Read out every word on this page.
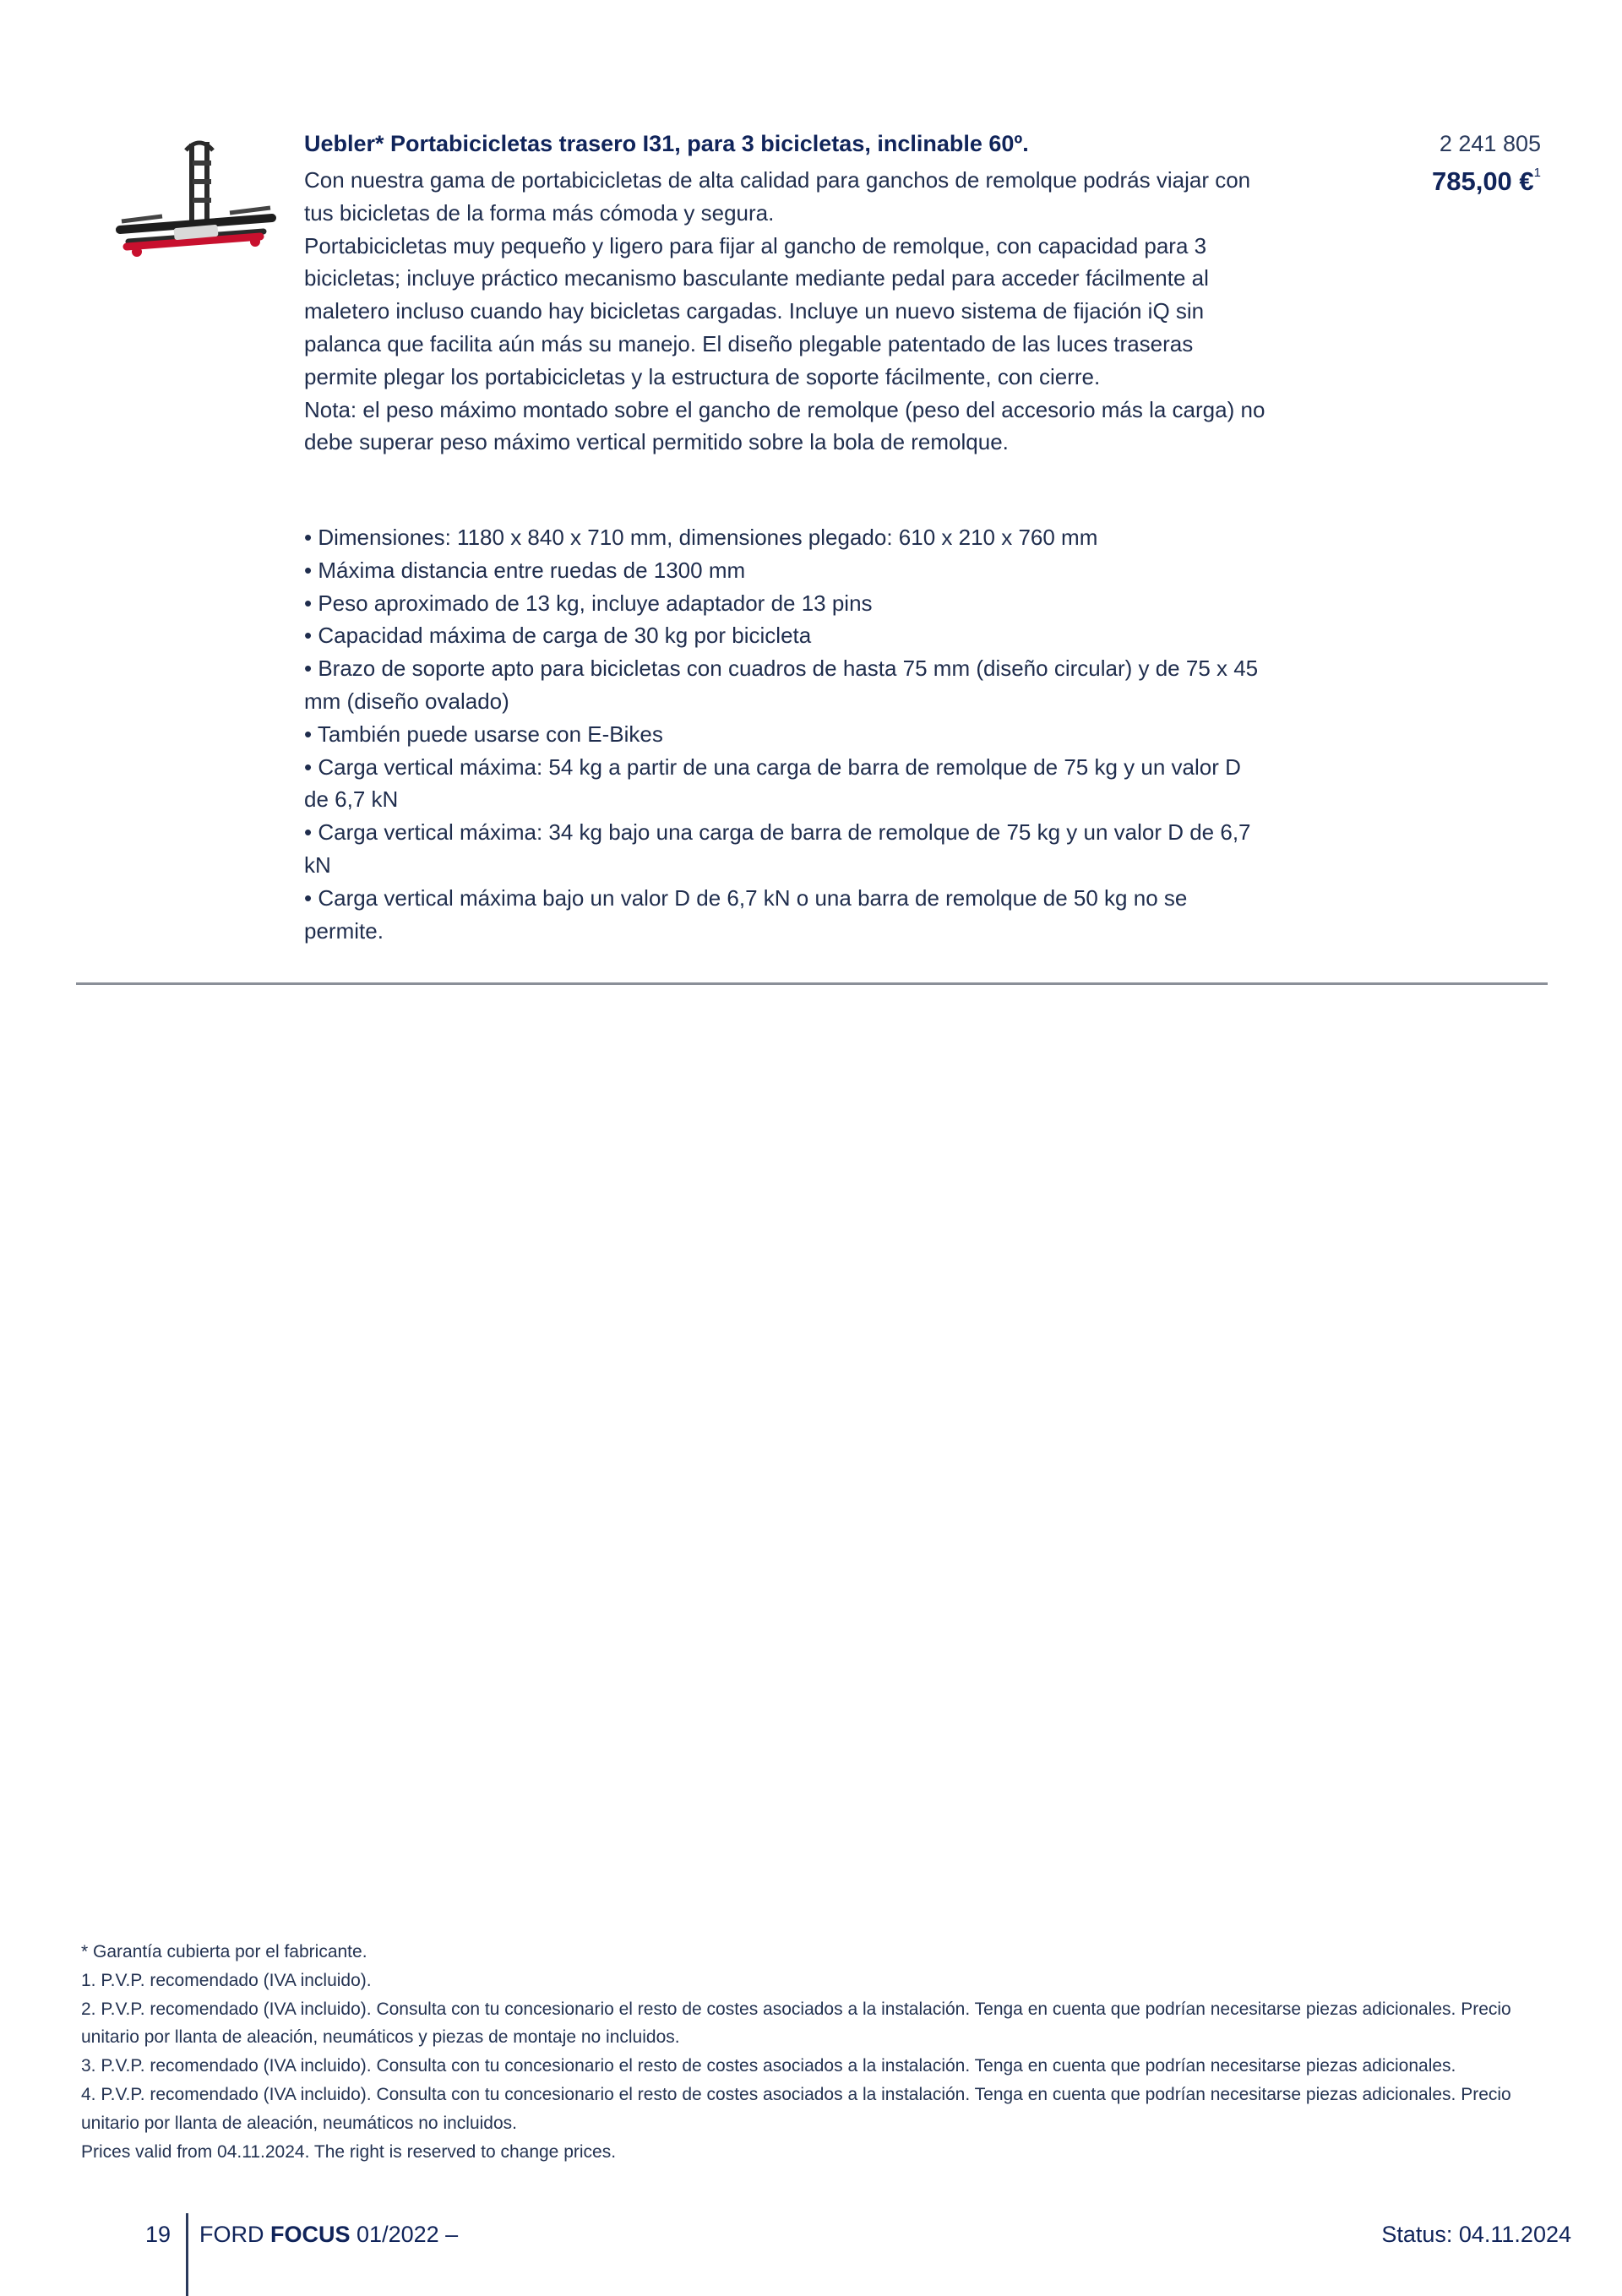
Uebler* Portabicicletas trasero I31, para 3 bicicletas, inclinable 60º.	2 241 805
785,00 €$^1$

Con nuestra gama de portabicicletas de alta calidad para ganchos de remolque podrás viajar con tus bicicletas de la forma más cómoda y segura.

Portabicicletas muy pequeño y ligero para fijar al gancho de remolque, con capacidad para 3 bicicletas; incluye práctico mecanismo basculante mediante pedal para acceder fácilmente al maletero incluso cuando hay bicicletas cargadas. Incluye un nuevo sistema de fijación iQ sin palanca que facilita aún más su manejo. El diseño plegable patentado de las luces traseras permite plegar los portabicicletas y la estructura de soporte fácilmente, con cierre.

Nota: el peso máximo montado sobre el gancho de remolque (peso del accesorio más la carga) no debe superar peso máximo vertical permitido sobre la bola de remolque.

• Dimensiones: 1180 x 840 x 710 mm, dimensiones plegado: 610 x 210 x 760 mm
• Máxima distancia entre ruedas de 1300 mm
• Peso aproximado de 13 kg, incluye adaptador de 13 pins
• Capacidad máxima de carga de 30 kg por bicicleta
• Brazo de soporte apto para bicicletas con cuadros de hasta 75 mm (diseño circular) y de 75 x 45 mm (diseño ovalado)
• También puede usarse con E-Bikes
• Carga vertical máxima: 54 kg a partir de una carga de barra de remolque de 75 kg y un valor D de 6,7 kN
• Carga vertical máxima: 34 kg bajo una carga de barra de remolque de 75 kg y un valor D de 6,7 kN
• Carga vertical máxima bajo un valor D de 6,7 kN o una barra de remolque de 50 kg no se permite.

* Garantía cubierta por el fabricante.

1. P.V.P. recomendado (IVA incluido).

2. P.V.P. recomendado (IVA incluido). Consulta con tu concesionario el resto de costes asociados a la instalación. Tenga en cuenta que podrían necesitarse piezas adicionales. Precio unitario por llanta de aleación, neumáticos y piezas de montaje no incluidos.

3. P.V.P. recomendado (IVA incluido). Consulta con tu concesionario el resto de costes asociados a la instalación. Tenga en cuenta que podrían necesitarse piezas adicionales.

4. P.V.P. recomendado (IVA incluido). Consulta con tu concesionario el resto de costes asociados a la instalación. Tenga en cuenta que podrían necesitarse piezas adicionales. Precio unitario por llanta de aleación, neumáticos no incluidos.

Prices valid from 04.11.2024. The right is reserved to change prices.

19 FORD FOCUS 01/2022 –	Status: 04.11.2024
